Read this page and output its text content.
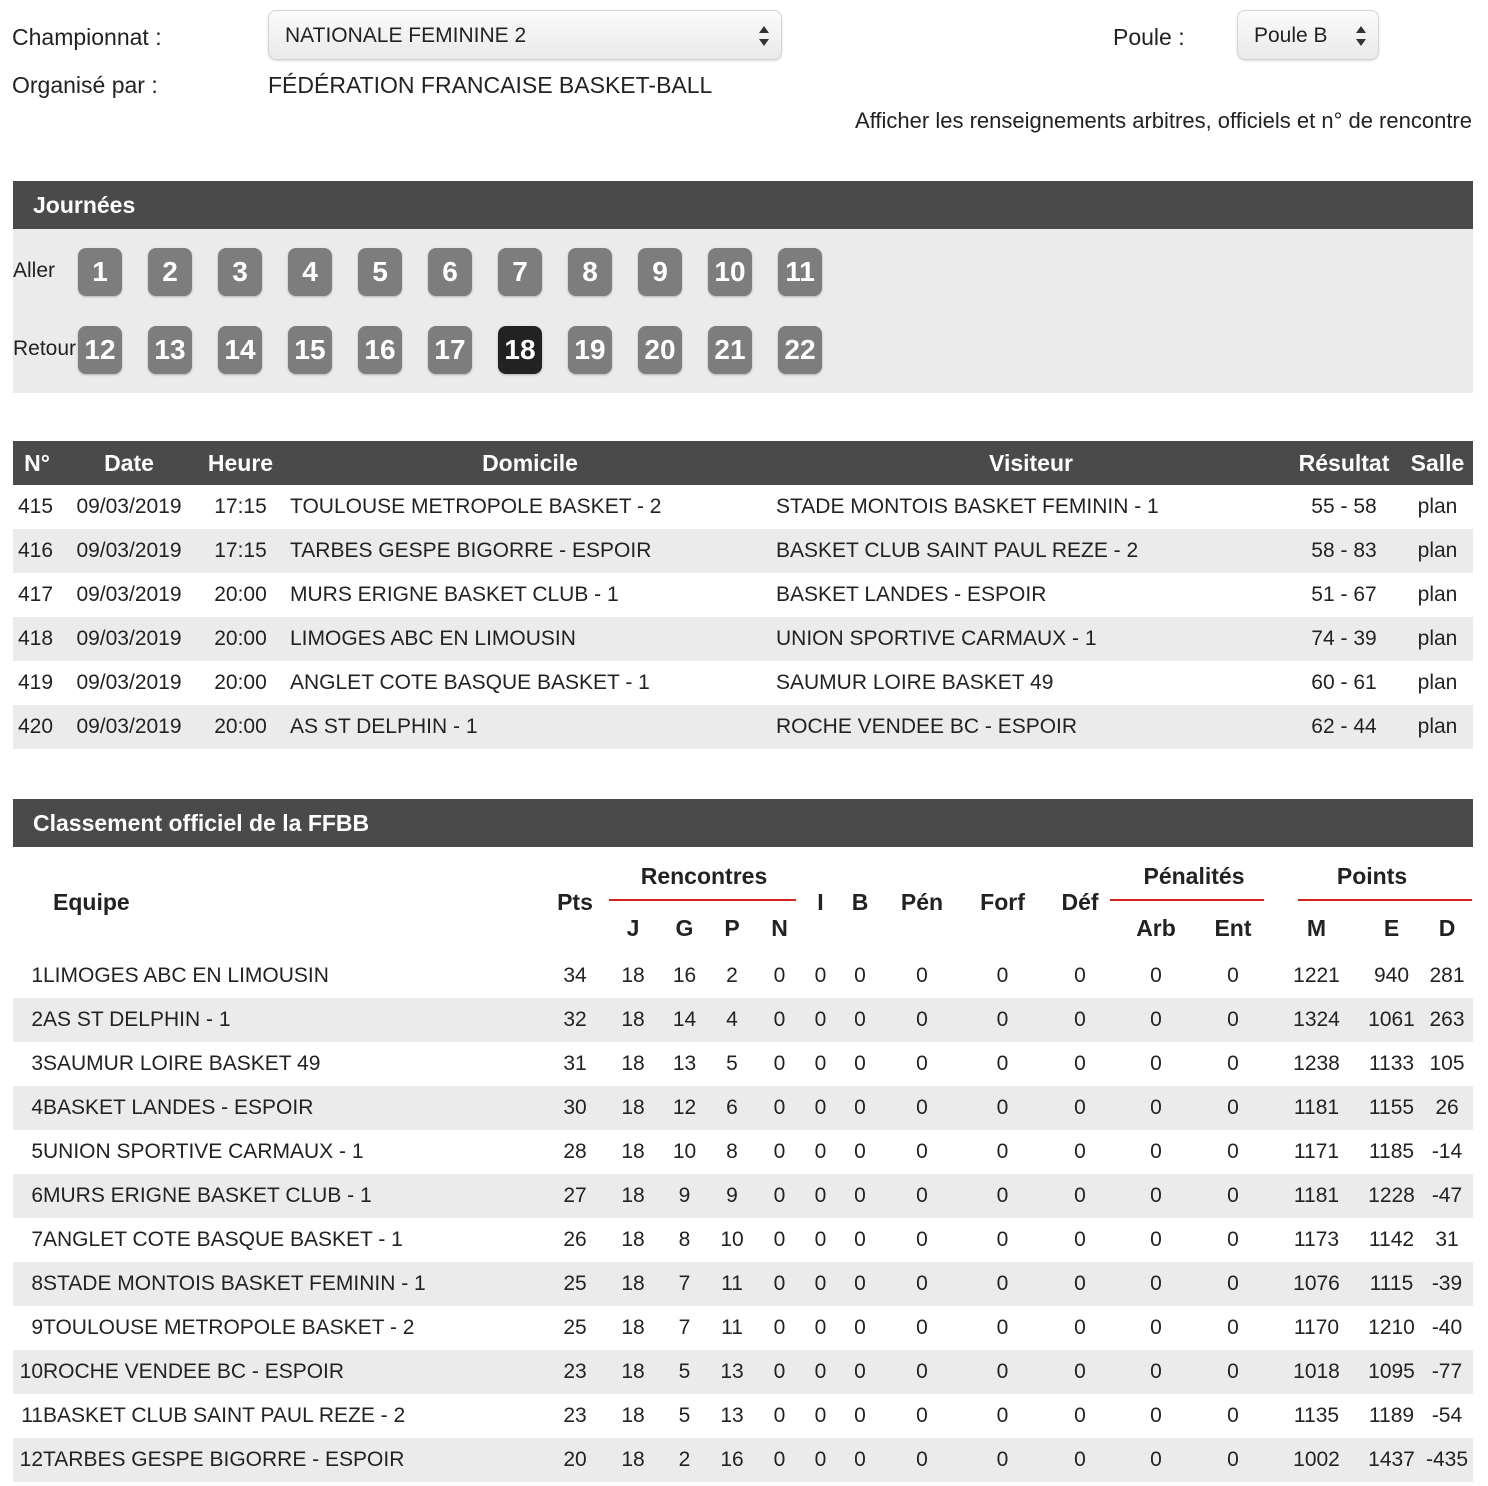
Championnat :	NATIONALE FEMININE 2	Poule :	Poule B
Organisé par :	FÉDÉRATION FRANCAISE BASKET-BALL
Afficher les renseignements arbitres, officiels et n° de rencontre
Journées
Aller
Retour
1	2	3	4	5	6	7	8	9	10 11
12 13 14 15 16 17 18 19 20 21 22
N°	Date	Heure	Domicile	Visiteur	Résultat	Salle
415	09/03/2019	17:15	TOULOUSE METROPOLE BASKET - 2	STADE MONTOIS BASKET FEMININ - 1	55 - 58	plan
416	09/03/2019	17:15	TARBES GESPE BIGORRE - ESPOIR	BASKET CLUB SAINT PAUL REZE - 2	58 - 83	plan
417	09/03/2019	20:00	MURS ERIGNE BASKET CLUB - 1	BASKET LANDES - ESPOIR	51 - 67	plan
418	09/03/2019	20:00	LIMOGES ABC EN LIMOUSIN	UNION SPORTIVE CARMAUX - 1	74 - 39	plan
419	09/03/2019	20:00	ANGLET COTE BASQUE BASKET - 1	SAUMUR LOIRE BASKET 49	60 - 61	plan
420	09/03/2019	20:00	AS ST DELPHIN - 1	ROCHE VENDEE BC - ESPOIR	62 - 44	plan
Classement officiel de la FFBB
Equipe		Pts	Rencontres				I	B	Pén	Forf	Déf	Pénalités		Points		
			J	G	P	N						Arb	Ent	M	E	D
1	LIMOGES ABC EN LIMOUSIN	34	18	16	2	0	0	0	0	0	0	0	0	1221	940	281
2	AS ST DELPHIN - 1	32	18	14	4	0	0	0	0	0	0	0	0	1324	1061	263
3	SAUMUR LOIRE BASKET 49	31	18	13	5	0	0	0	0	0	0	0	0	1238	1133	105
4	BASKET LANDES - ESPOIR	30	18	12	6	0	0	0	0	0	0	0	0	1181	1155	26
5	UNION SPORTIVE CARMAUX - 1	28	18	10	8	0	0	0	0	0	0	0	0	1171	1185	-14
6	MURS ERIGNE BASKET CLUB - 1	27	18	9	9	0	0	0	0	0	0	0	0	1181	1228	-47
7	ANGLET COTE BASQUE BASKET - 1	26	18	8	10	0	0	0	0	0	0	0	0	1173	1142	31
8	STADE MONTOIS BASKET FEMININ - 1	25	18	7	11	0	0	0	0	0	0	0	0	1076	1115	-39
9	TOULOUSE METROPOLE BASKET - 2	25	18	7	11	0	0	0	0	0	0	0	0	1170	1210	-40
10	ROCHE VENDEE BC - ESPOIR	23	18	5	13	0	0	0	0	0	0	0	0	1018	1095	-77
11	BASKET CLUB SAINT PAUL REZE - 2	23	18	5	13	0	0	0	0	0	0	0	0	1135	1189	-54
12	TARBES GESPE BIGORRE - ESPOIR	20	18	2	16	0	0	0	0	0	0	0	0	1002	1437	-435
